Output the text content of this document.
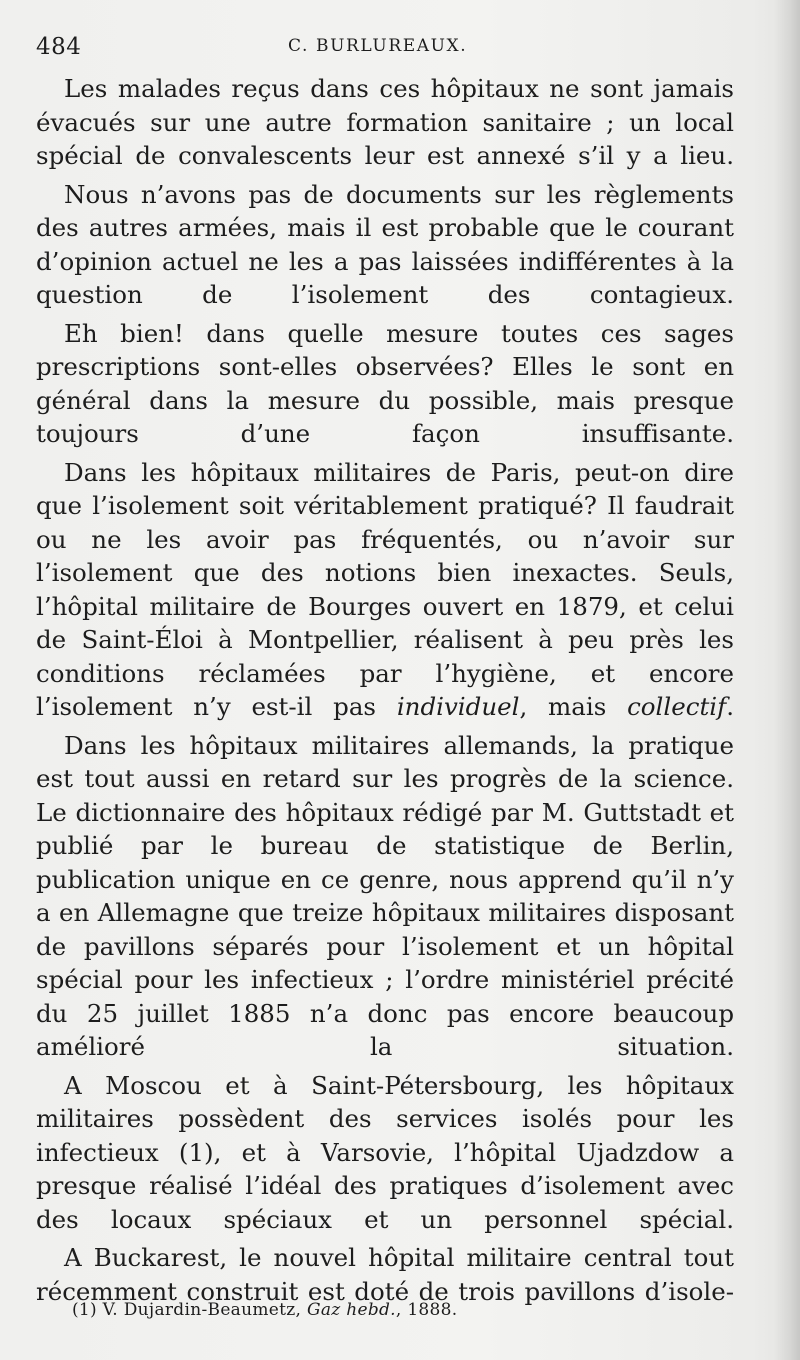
484	C. BURLUREAUX.

Les malades reçus dans ces hôpitaux ne sont jamais évacués sur une autre formation sanitaire ; un local spécial de convalescents leur est annexé s’il y a lieu.

Nous n’avons pas de documents sur les règlements des autres armées, mais il est probable que le courant d’opinion actuel ne les a pas laissées indifférentes à la question de l’isolement des contagieux.

Eh bien! dans quelle mesure toutes ces sages prescriptions sont-elles observées? Elles le sont en général dans la mesure du possible, mais presque toujours d’une façon insuffisante.

Dans les hôpitaux militaires de Paris, peut-on dire que l’isolement soit véritablement pratiqué? Il faudrait ou ne les avoir pas fréquentés, ou n’avoir sur l’isolement que des notions bien inexactes. Seuls, l’hôpital militaire de Bourges ouvert en 1879, et celui de Saint-Éloi à Montpellier, réalisent à peu près les conditions réclamées par l’hygiène, et encore l’isolement n’y est-il pas individuel, mais collectif.

Dans les hôpitaux militaires allemands, la pratique est tout aussi en retard sur les progrès de la science. Le dictionnaire des hôpitaux rédigé par M. Guttstadt et publié par le bureau de statistique de Berlin, publication unique en ce genre, nous apprend qu’il n’y a en Allemagne que treize hôpitaux militaires disposant de pavillons séparés pour l’isolement et un hôpital spécial pour les infectieux ; l’ordre ministériel précité du 25 juillet 1885 n’a donc pas encore beaucoup amélioré la situation.

A Moscou et à Saint-Pétersbourg, les hôpitaux militaires possèdent des services isolés pour les infectieux (1), et à Varsovie, l’hôpital Ujadzdow a presque réalisé l’idéal des pratiques d’isolement avec des locaux spéciaux et un personnel spécial.

A Buckarest, le nouvel hôpital militaire central tout récemment construit est doté de trois pavillons d’isole-

(1) V. Dujardin-Beaumetz, Gaz hebd., 1888.
